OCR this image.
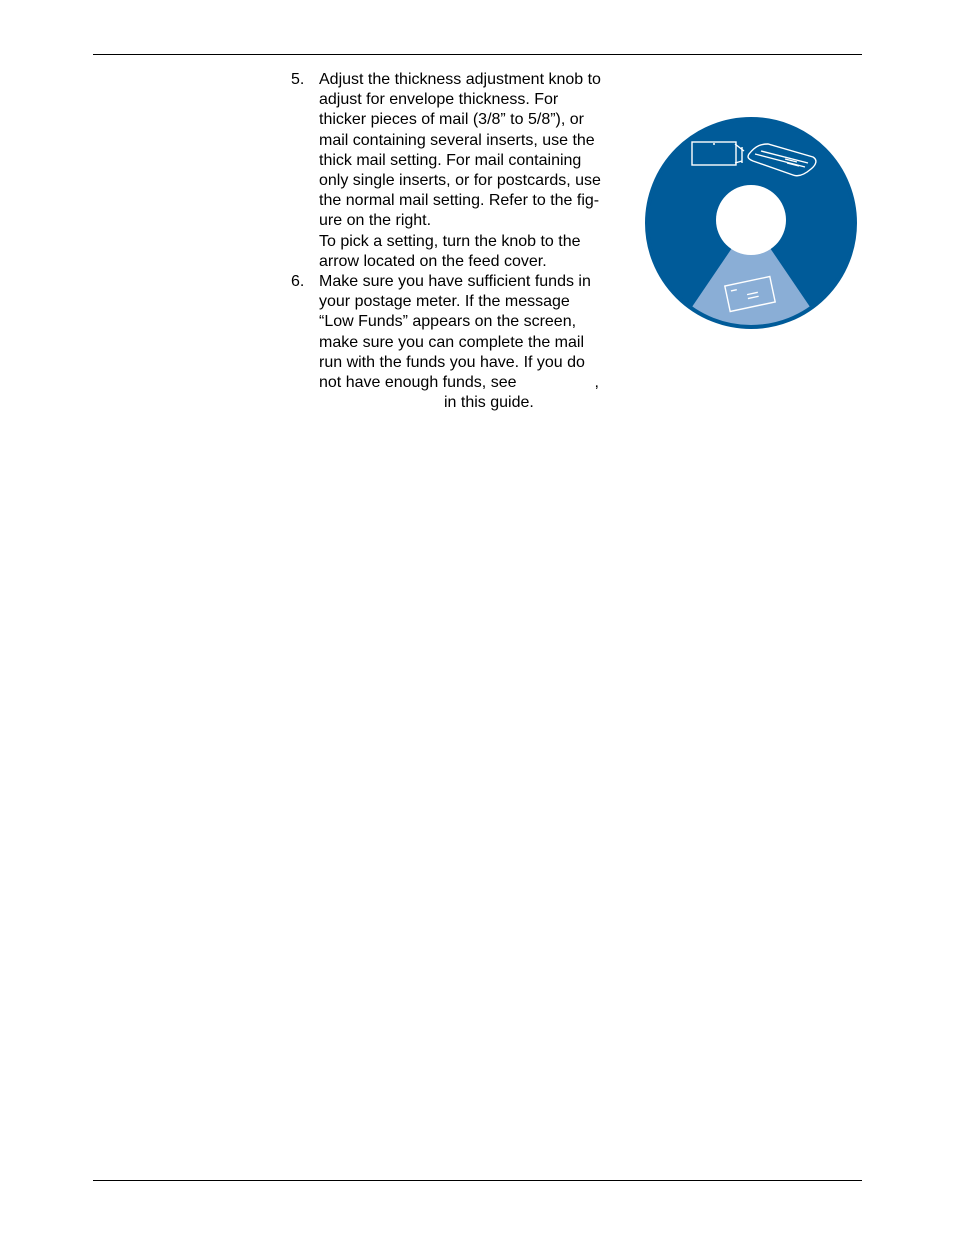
5. Adjust the thickness adjustment knob to
adjust for envelope thickness. For
thicker pieces of mail (3/8” to 5/8”), or
mail containing several inserts, use the
thick mail setting. For mail containing
only single inserts, or for postcards, use
the normal mail setting. Refer to the fig-
ure on the right.
To pick a setting, turn the knob to the
arrow located on the feed cover.
6. Make sure you have sufficient funds in
your postage meter. If the message
“Low Funds” appears on the screen,
make sure you can complete the mail
run with the funds you have. If you do
not have enough funds, see	,
in this guide.
